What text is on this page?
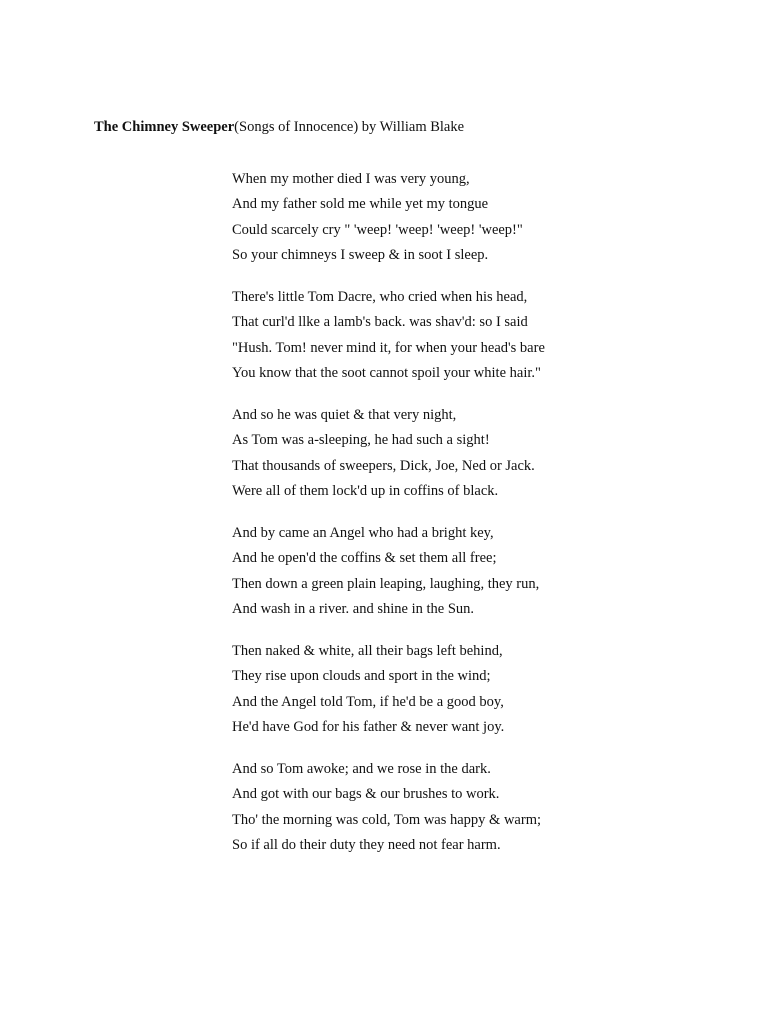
The Chimney Sweeper(Songs of Innocence) by William Blake
When my mother died I was very young,
And my father sold me while yet my tongue
Could scarcely cry " 'weep! 'weep! 'weep! 'weep!"
So your chimneys I sweep & in soot I sleep.
There's little Tom Dacre, who cried when his head,
That curl'd llke a lamb's back. was shav'd: so I said
"Hush. Tom! never mind it, for when your head's bare
You know that the soot cannot spoil your white hair."
And so he was quiet & that very night,
As Tom was a-sleeping, he had such a sight!
That thousands of sweepers, Dick, Joe, Ned or Jack.
Were all of them lock'd up in coffins of black.
And by came an Angel who had a bright key,
And he open'd the coffins & set them all free;
Then down a green plain leaping, laughing, they run,
And wash in a river. and shine in the Sun.
Then naked & white, all their bags left behind,
They rise upon clouds and sport in the wind;
And the Angel told Tom, if he'd be a good boy,
He'd have God for his father & never want joy.
And so Tom awoke; and we rose in the dark.
And got with our bags & our brushes to work.
Tho' the morning was cold, Tom was happy & warm;
So if all do their duty they need not fear harm.
